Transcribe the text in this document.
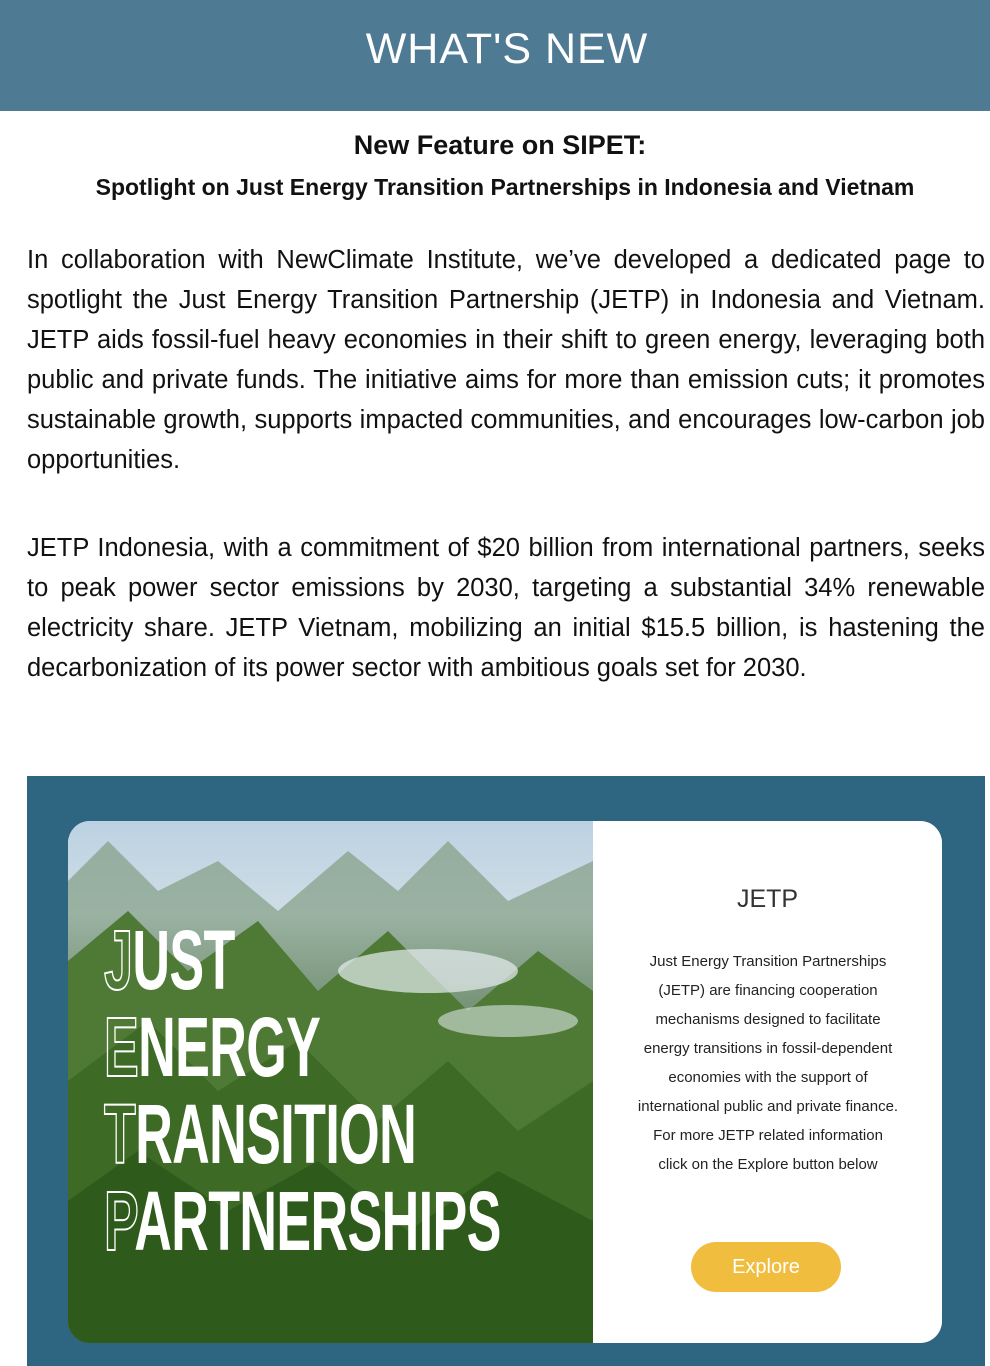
WHAT'S NEW
New Feature on SIPET:
Spotlight on Just Energy Transition Partnerships in Indonesia and Vietnam

In collaboration with NewClimate Institute, we’ve developed a dedicated page to spotlight the Just Energy Transition Partnership (JETP) in Indonesia and Vietnam. JETP aids fossil-fuel heavy economies in their shift to green energy, leveraging both public and private funds. The initiative aims for more than emission cuts; it promotes sustainable growth, supports impacted communities, and encourages low-carbon job opportunities.

JETP Indonesia, with a commitment of $20 billion from international partners, seeks to peak power sector emissions by 2030, targeting a substantial 34% renewable electricity share. JETP Vietnam, mobilizing an initial $15.5 billion, is hastening the decarbonization of its power sector with ambitious goals set for 2030.

JUST
ENERGY
TRANSITION
PARTNERSHIPS
JETP
Just Energy Transition Partnerships (JETP) are financing cooperation mechanisms designed to facilitate energy transitions in fossil-dependent economies with the support of international public and private finance. For more JETP related information click on the Explore button below
Explore
